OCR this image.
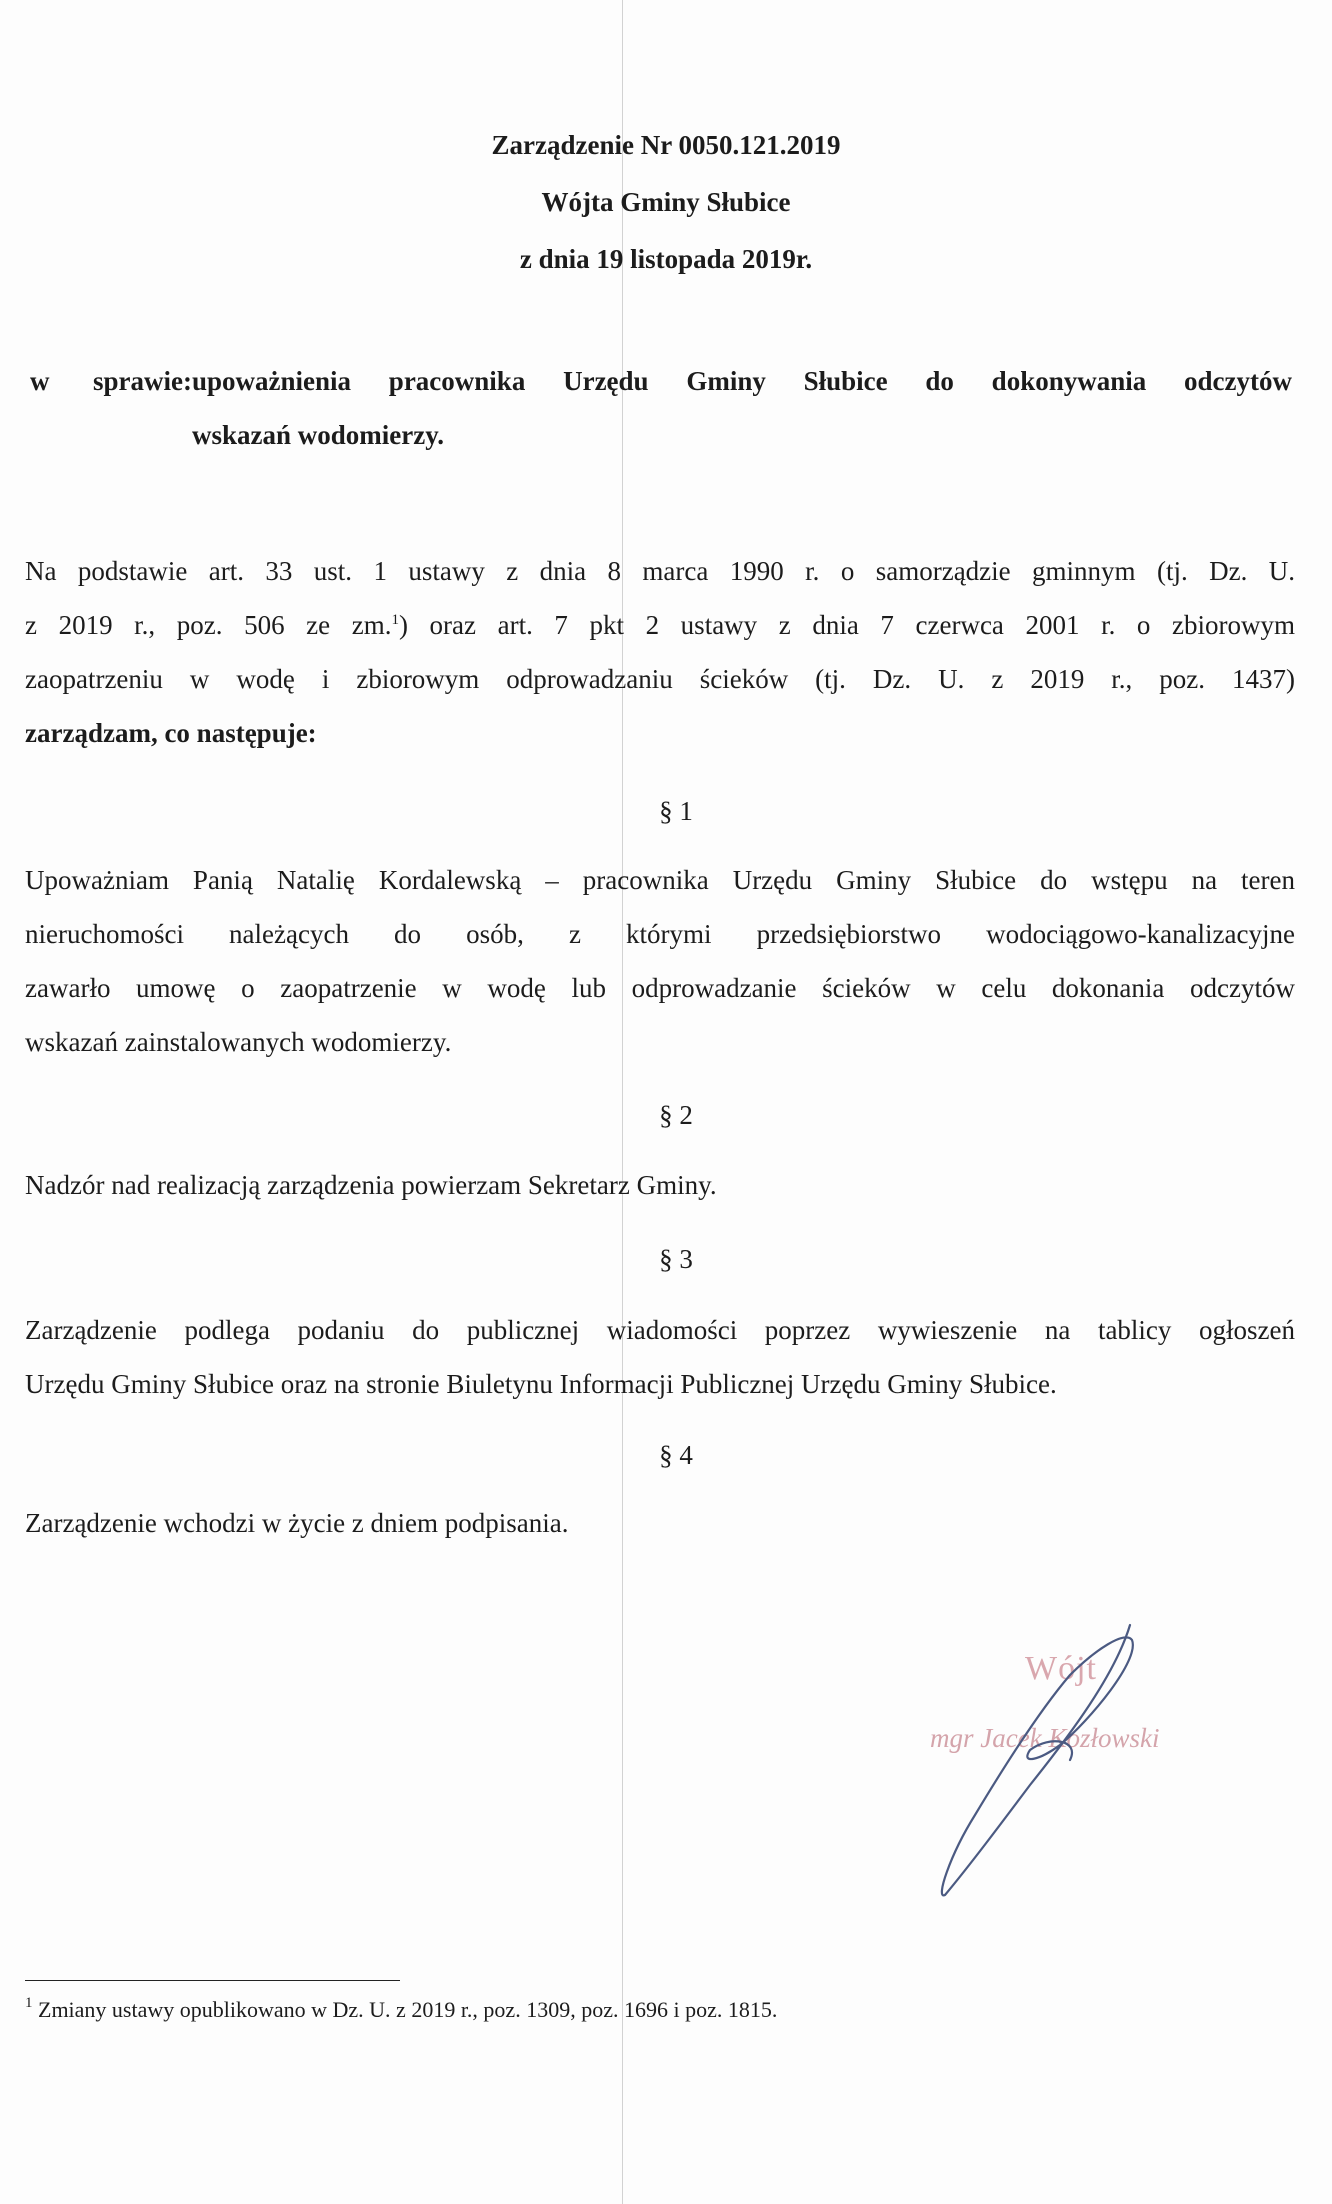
Zarządzenie Nr 0050.121.2019
Wójta Gminy Słubice
z dnia 19 listopada 2019r.
w sprawie:upoważnienia pracownika Urzędu Gminy Słubice do dokonywania odczytów
wskazań wodomierzy.
Na podstawie art. 33 ust. 1 ustawy z dnia 8 marca 1990 r. o samorządzie gminnym (tj. Dz. U.
z 2019 r., poz. 506 ze zm.$^1$) oraz art. 7 pkt 2 ustawy z dnia 7 czerwca 2001 r. o zbiorowym
zaopatrzeniu w wodę i zbiorowym odprowadzaniu ścieków (tj. Dz. U. z 2019 r., poz. 1437)
zarządzam, co następuje:
§ 1
Upoważniam Panią Natalię Kordalewską – pracownika Urzędu Gminy Słubice do wstępu na teren
nieruchomości należących do osób, z którymi przedsiębiorstwo wodociągowo-kanalizacyjne
zawarło umowę o zaopatrzenie w wodę lub odprowadzanie ścieków w celu dokonania odczytów
wskazań zainstalowanych wodomierzy.
§ 2
Nadzór nad realizacją zarządzenia powierzam Sekretarz Gminy.
§ 3
Zarządzenie podlega podaniu do publicznej wiadomości poprzez wywieszenie na tablicy ogłoszeń
Urzędu Gminy Słubice oraz na stronie Biuletynu Informacji Publicznej Urzędu Gminy Słubice.
§ 4
Zarządzenie wchodzi w życie z dniem podpisania.
Wójt
mgr Jacek Kozłowski
$^1$ Zmiany ustawy opublikowano w Dz. U. z 2019 r., poz. 1309, poz. 1696 i poz. 1815.
